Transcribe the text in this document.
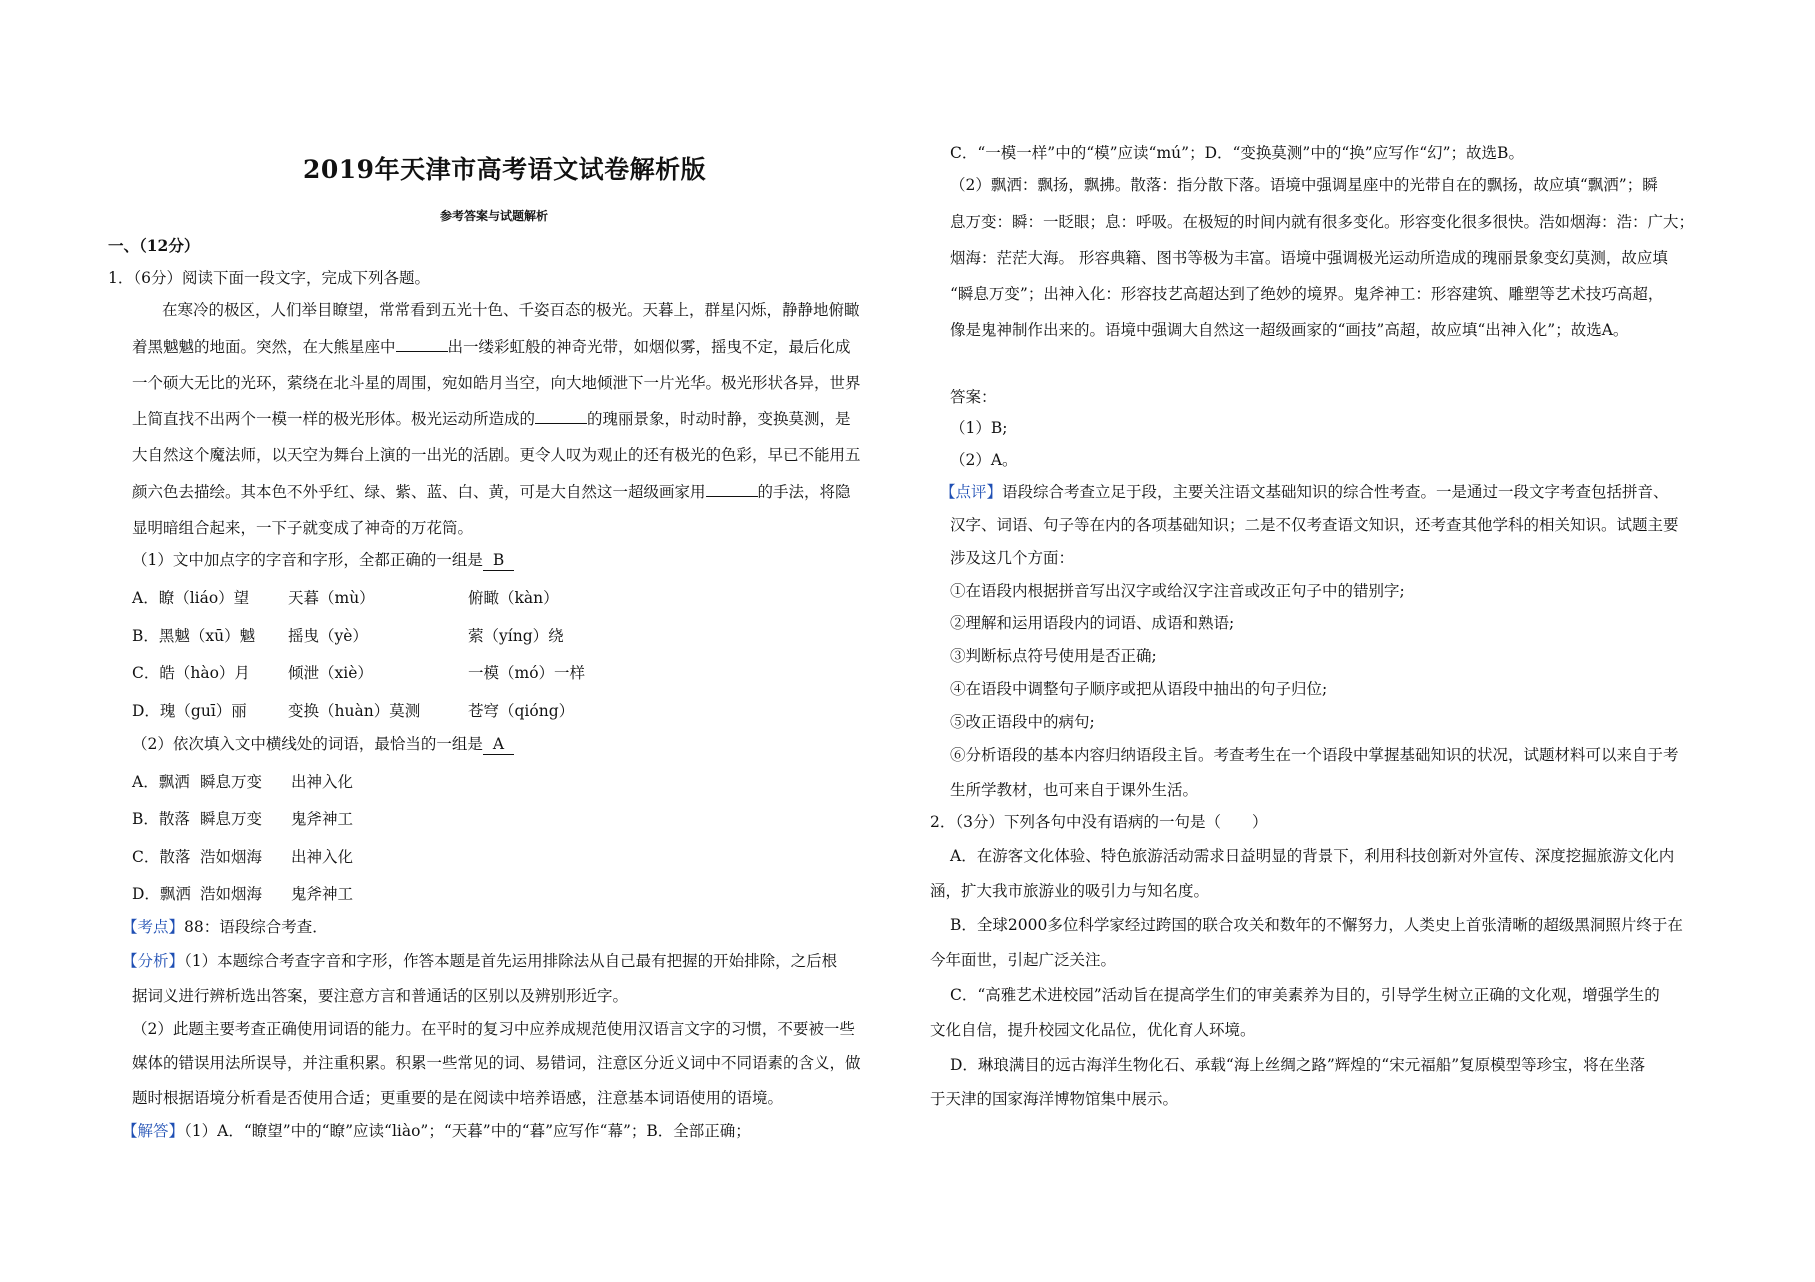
2019年天津市高考语文试卷解析版
参考答案与试题解析
一、（12分）
1．（6分）阅读下面一段文字，完成下列各题。
在寒冷的极区，人们举目瞭望，常常看到五光十色、千姿百态的极光。天暮上，群星闪烁，静静地俯瞰
着黑魆魆的地面。突然，在大熊星座中	出一缕彩虹般的神奇光带，如烟似雾，摇曳不定，最后化成
一个硕大无比的光环，萦绕在北斗星的周围，宛如皓月当空，向大地倾泄下一片光华。极光形状各异，世界
上简直找不出两个一模一样的极光形体。极光运动所造成的	的瑰丽景象，时动时静，变换莫测，是
大自然这个魔法师，以天空为舞台上演的一出光的活剧。更令人叹为观止的还有极光的色彩，早已不能用五
颜六色去描绘。其本色不外乎红、绿、紫、蓝、白、黄，可是大自然这一超级画家用	的手法，将隐
显明暗组合起来，一下子就变成了神奇的万花筒。
（1）文中加点字的字音和字形，全都正确的一组是 B
A．瞭（liáo）望	天暮（mù）	俯瞰（kàn）
B．黑魆（xū）魆 摇曳（yè）	萦（yíng）绕
C．皓（hào）月 倾泄（xiè）	一模（mó）一样
D．瑰（guī）丽	变换（huàn）莫测	苍穹（qióng）
（2）依次填入文中横线处的词语，最恰当的一组是 A
A．飘洒 瞬息万变 出神入化
B．散落 瞬息万变 鬼斧神工
C．散落 浩如烟海 出神入化
D．飘洒 浩如烟海 鬼斧神工
【考点】88：语段综合考查．
【分析】（1）本题综合考查字音和字形，作答本题是首先运用排除法从自己最有把握的开始排除，之后根
据词义进行辨析选出答案，要注意方言和普通话的区别以及辨别形近字。
（2）此题主要考查正确使用词语的能力。在平时的复习中应养成规范使用汉语言文字的习惯，不要被一些
媒体的错误用法所误导，并注重积累。积累一些常见的词、易错词，注意区分近义词中不同语素的含义，做
题时根据语境分析看是否使用合适；更重要的是在阅读中培养语感，注意基本词语使用的语境。
【解答】（1）A．“瞭望”中的“瞭”应读“liào”；“天暮”中的“暮”应写作“幕”；B．全部正确；
C．“一模一样”中的“模”应读“mú”；D．“变换莫测”中的“换”应写作“幻”；故选B。
（2）飘洒：飘扬，飘拂。散落：指分散下落。语境中强调星座中的光带自在的飘扬，故应填“飘洒”；瞬
息万变：瞬：一眨眼；息：呼吸。在极短的时间内就有很多变化。形容变化很多很快。浩如烟海：浩：广大；
烟海：茫茫大海。 形容典籍、图书等极为丰富。语境中强调极光运动所造成的瑰丽景象变幻莫测，故应填
“瞬息万变”；出神入化：形容技艺高超达到了绝妙的境界。鬼斧神工：形容建筑、雕塑等艺术技巧高超，
像是鬼神制作出来的。语境中强调大自然这一超级画家的“画技”高超，故应填“出神入化”；故选A。
答案：
（1）B;
（2）A。
【点评】语段综合考查立足于段，主要关注语文基础知识的综合性考查。一是通过一段文字考查包括拼音、
汉字、词语、句子等在内的各项基础知识；二是不仅考查语文知识，还考查其他学科的相关知识。试题主要
涉及这几个方面：
①在语段内根据拼音写出汉字或给汉字注音或改正句子中的错别字;
②理解和运用语段内的词语、成语和熟语;
③判断标点符号使用是否正确;
④在语段中调整句子顺序或把从语段中抽出的句子归位;
⑤改正语段中的病句;
⑥分析语段的基本内容归纳语段主旨。考查考生在一个语段中掌握基础知识的状况，试题材料可以来自于考
生所学教材，也可来自于课外生活。
2．（3分）下列各句中没有语病的一句是（　　）
A．在游客文化体验、特色旅游活动需求日益明显的背景下，利用科技创新对外宣传、深度挖掘旅游文化内
涵，扩大我市旅游业的吸引力与知名度。
B．全球2000多位科学家经过跨国的联合攻关和数年的不懈努力，人类史上首张清晰的超级黑洞照片终于在
今年面世，引起广泛关注。
C．“高雅艺术进校园”活动旨在提高学生们的审美素养为目的，引导学生树立正确的文化观，增强学生的
文化自信，提升校园文化品位，优化育人环境。
D．琳琅满目的远古海洋生物化石、承载“海上丝绸之路”辉煌的“宋元福船”复原模型等珍宝，将在坐落
于天津的国家海洋博物馆集中展示。
